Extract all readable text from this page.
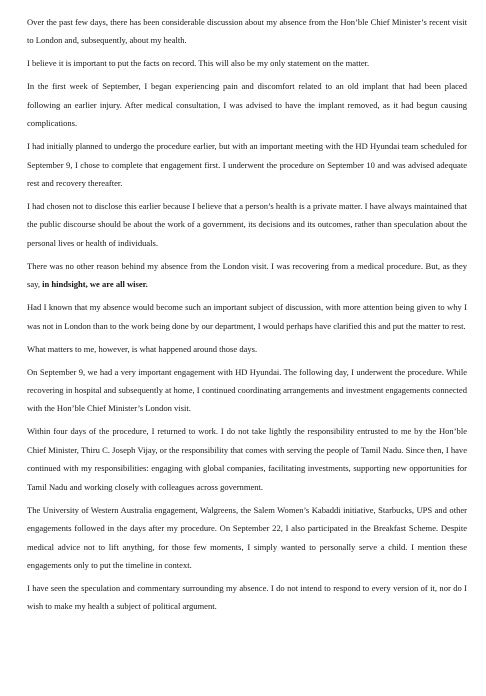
Over the past few days, there has been considerable discussion about my absence from the Hon’ble Chief Minister’s recent visit to London and, subsequently, about my health.

I believe it is important to put the facts on record. This will also be my only statement on the matter.

In the first week of September, I began experiencing pain and discomfort related to an old implant that had been placed following an earlier injury. After medical consultation, I was advised to have the implant removed, as it had begun causing complications.

I had initially planned to undergo the procedure earlier, but with an important meeting with the HD Hyundai team scheduled for September 9, I chose to complete that engagement first. I underwent the procedure on September 10 and was advised adequate rest and recovery thereafter.

I had chosen not to disclose this earlier because I believe that a person’s health is a private matter. I have always maintained that the public discourse should be about the work of a government, its decisions and its outcomes, rather than speculation about the personal lives or health of individuals.

There was no other reason behind my absence from the London visit. I was recovering from a medical procedure. But, as they say, in hindsight, we are all wiser.

Had I known that my absence would become such an important subject of discussion, with more attention being given to why I was not in London than to the work being done by our department, I would perhaps have clarified this and put the matter to rest.

What matters to me, however, is what happened around those days.

On September 9, we had a very important engagement with HD Hyundai. The following day, I underwent the procedure. While recovering in hospital and subsequently at home, I continued coordinating arrangements and investment engagements connected with the Hon’ble Chief Minister’s London visit.

Within four days of the procedure, I returned to work. I do not take lightly the responsibility entrusted to me by the Hon’ble Chief Minister, Thiru C. Joseph Vijay, or the responsibility that comes with serving the people of Tamil Nadu. Since then, I have continued with my responsibilities: engaging with global companies, facilitating investments, supporting new opportunities for Tamil Nadu and working closely with colleagues across government.

The University of Western Australia engagement, Walgreens, the Salem Women’s Kabaddi initiative, Starbucks, UPS and other engagements followed in the days after my procedure. On September 22, I also participated in the Breakfast Scheme. Despite medical advice not to lift anything, for those few moments, I simply wanted to personally serve a child. I mention these engagements only to put the timeline in context.

I have seen the speculation and commentary surrounding my absence. I do not intend to respond to every version of it, nor do I wish to make my health a subject of political argument.
